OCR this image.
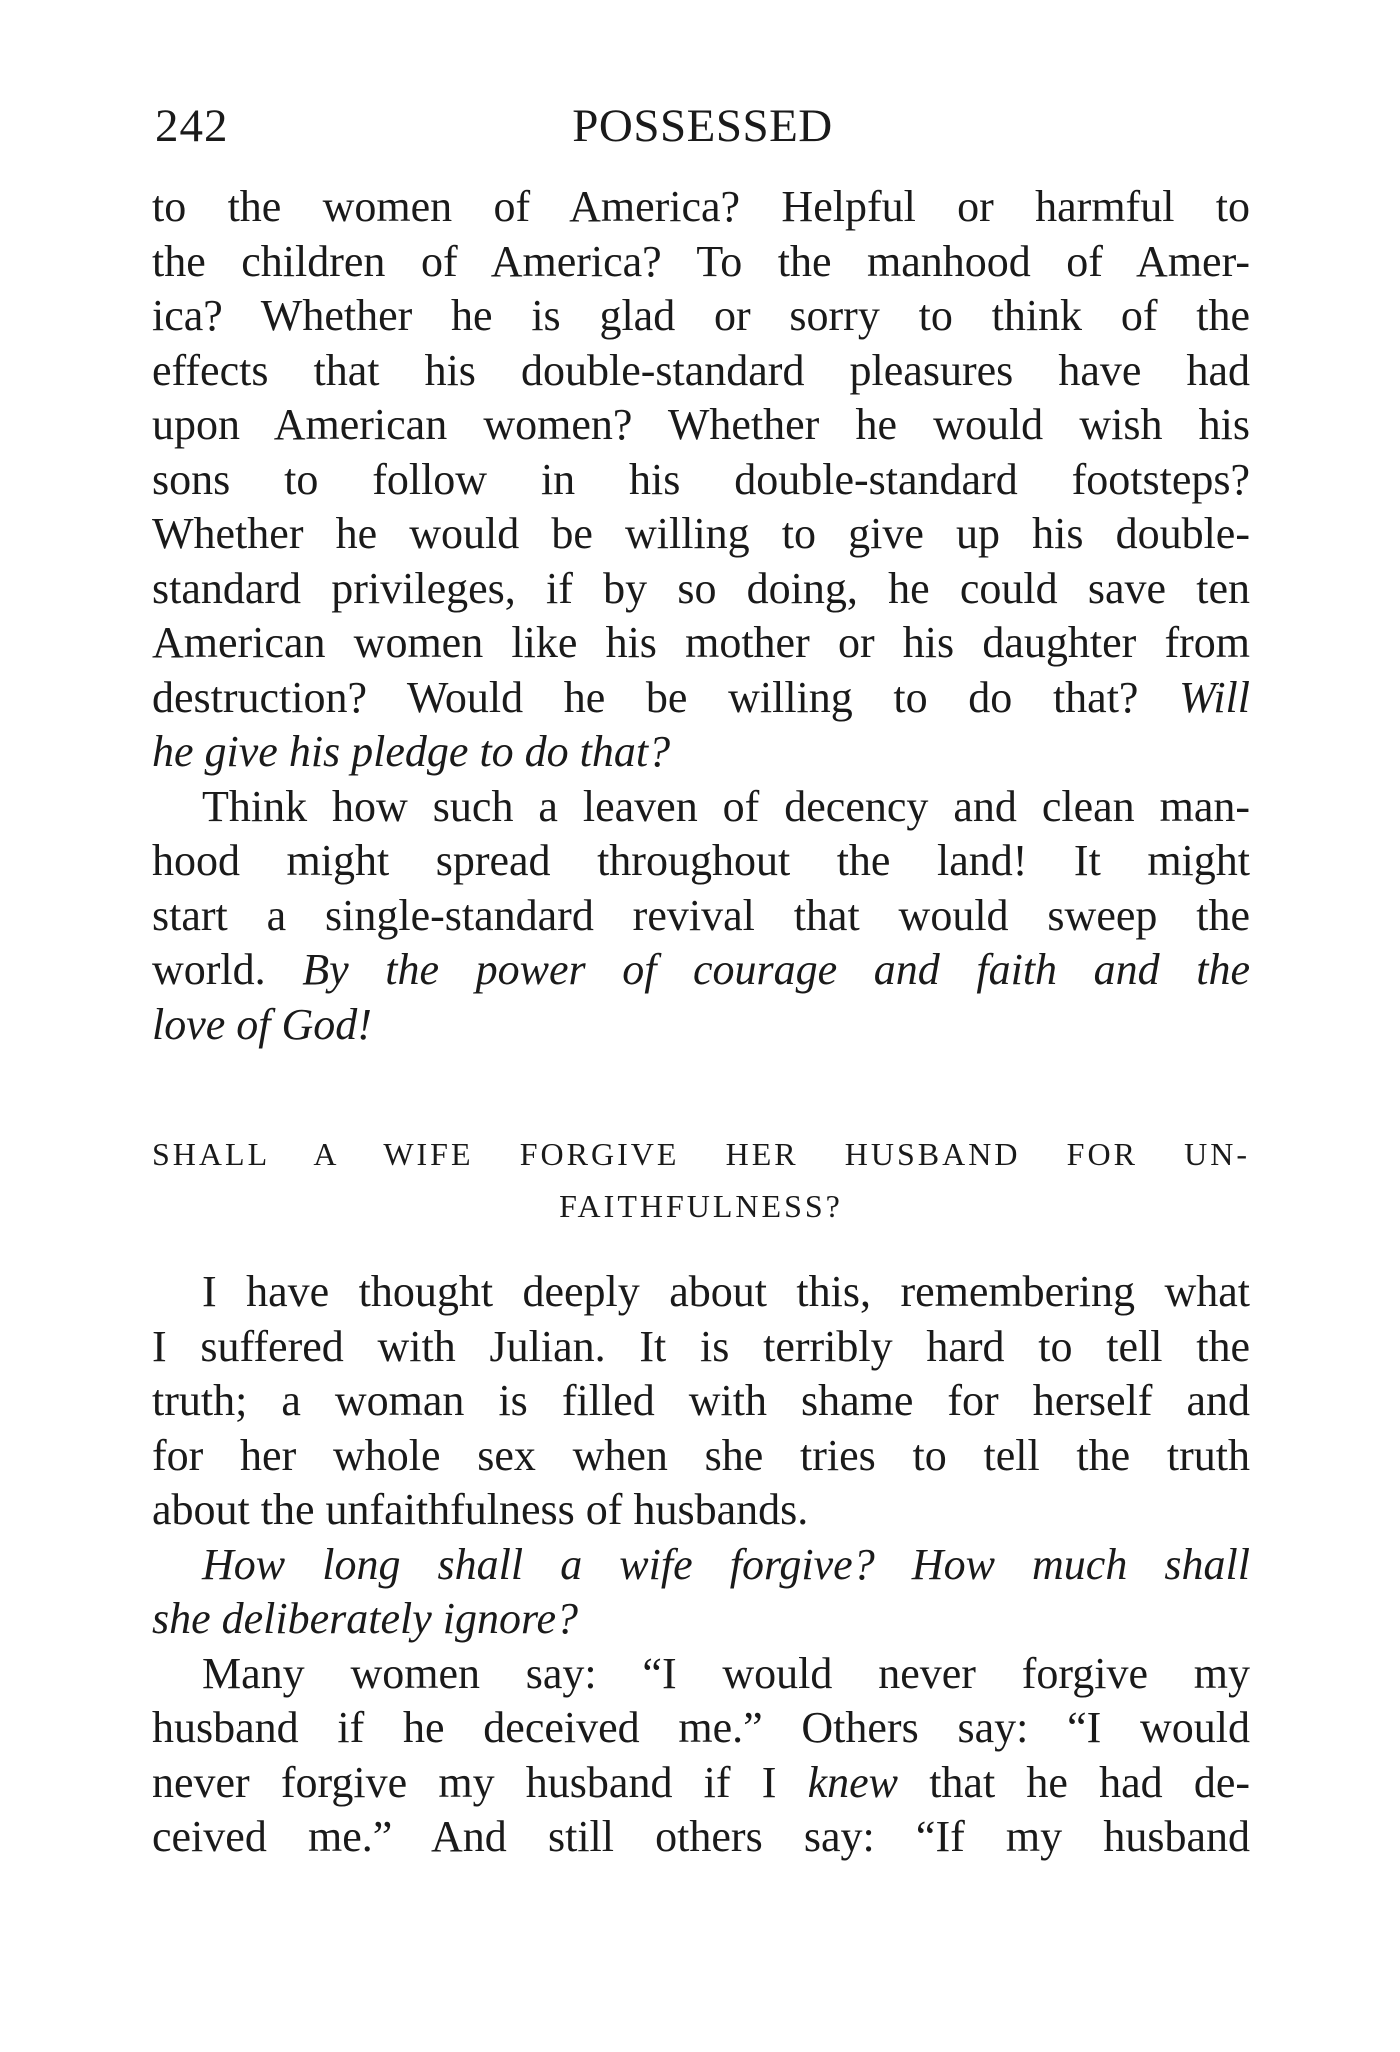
242	POSSESSED
to the women of America? Helpful or harmful to
the children of America? To the manhood of Amer-
ica? Whether he is glad or sorry to think of the
effects that his double-standard pleasures have had
upon American women? Whether he would wish his
sons to follow in his double-standard footsteps?
Whether he would be willing to give up his double-
standard privileges, if by so doing, he could save ten
American women like his mother or his daughter from
destruction? Would he be willing to do that? Will
he give his pledge to do that?
Think how such a leaven of decency and clean man-
hood might spread throughout the land! It might
start a single-standard revival that would sweep the
world. By the power of courage and faith and the
love of God!
SHALL A WIFE FORGIVE HER HUSBAND FOR UN-
FAITHFULNESS?
I have thought deeply about this, remembering what
I suffered with Julian. It is terribly hard to tell the
truth; a woman is filled with shame for herself and
for her whole sex when she tries to tell the truth
about the unfaithfulness of husbands.
How long shall a wife forgive? How much shall
she deliberately ignore?
Many women say: “I would never forgive my
husband if he deceived me.” Others say: “I would
never forgive my husband if I knew that he had de-
ceived me.” And still others say: “If my husband
